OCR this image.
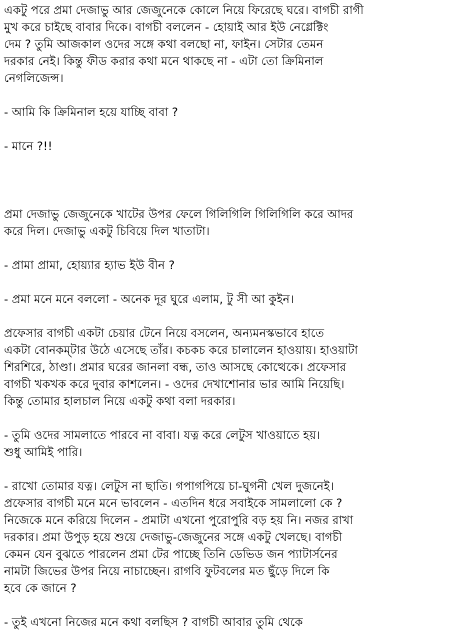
একটু পরে প্রমা দেজাভু আর জেজুনেকে কোলে নিয়ে ফিরেছে ঘরে। বাগচী রাগী
মুখ করে চাইছে বাবার দিকে। বাগচী বললেন - হোয়াই আর ইউ নেগ্লেক্টিং
দেম ? তুমি আজকাল ওদের সঙ্গে কথা বলছো না, ফাইন। সেটার তেমন
দরকার নেই। কিন্তু ফীড করার কথা মনে থাকছে না - এটা তো ক্রিমিনাল
নেগলিজেন্স।
- আমি কি ক্রিমিনাল হয়ে যাচ্ছি বাবা ?
- মানে ?!!
প্রমা দেজাভু জেজুনেকে খাটের উপর ফেলে গিলিগিলি গিলিগিলি করে আদর
করে দিল। দেজাভু একটু চিবিয়ে দিল খাতাটা।
- প্রামা প্রামা, হোয়্যার হ্যাভ ইউ বীন ?
- প্রমা মনে মনে বললো - অনেক দূর ঘুরে এলাম, টু সী আ কুইন।
প্রফেসার বাগচী একটা চেয়ার টেনে নিয়ে বসলেন, অন্যমনস্কভাবে হাতে
একটা বোনকম্টার উঠে এসেছে তাঁর। কচকচ করে চালালেন হাওয়ায়। হাওয়াটা
শিরশিরে, ঠাণ্ডা। প্রমার ঘরের জানলা বন্ধ, তাও আসছে কোত্থেকে। প্রফেসার
বাগচী খকখক করে দুবার কাশলেন। - ওদের দেখাশোনার ভার আমি নিয়েছি।
কিন্তু তোমার হালচাল নিয়ে একটু কথা বলা দরকার।
- তুমি ওদের সামলাতে পারবে না বাবা। যত্ন করে লেটুস খাওয়াতে হয়।
শুধু আমিই পারি।
- রাখো তোমার যত্ন। লেটুস না ছাতি। গপাগপিয়ে চা-ঘুগনী খেল দুজনেই।
প্রফেসার বাগচী মনে মনে ভাবলেন - এতদিন ধরে সবাইকে সামলালো কে ?
নিজেকে মনে করিয়ে দিলেন - প্রমাটা এখনো পুরোপুরি বড় হয় নি। নজর রাখা
দরকার। প্রমা উপুড় হয়ে শুয়ে দেজাভু-জেজুনের সঙ্গে একটু খেলছে। বাগচী
কেমন যেন বুঝতে পারলেন প্রমা টের পাচ্ছে তিনি ডেভিড জন প্যাটার্সনের
নামটা জিভের উপর নিয়ে নাচাচ্ছেন। রাগবি ফুটবলের মত ছুঁড়ে দিলে কি
হবে কে জানে ?
- তুই এখনো নিজের মনে কথা বলছিস ? বাগচী আবার তুমি থেকে
